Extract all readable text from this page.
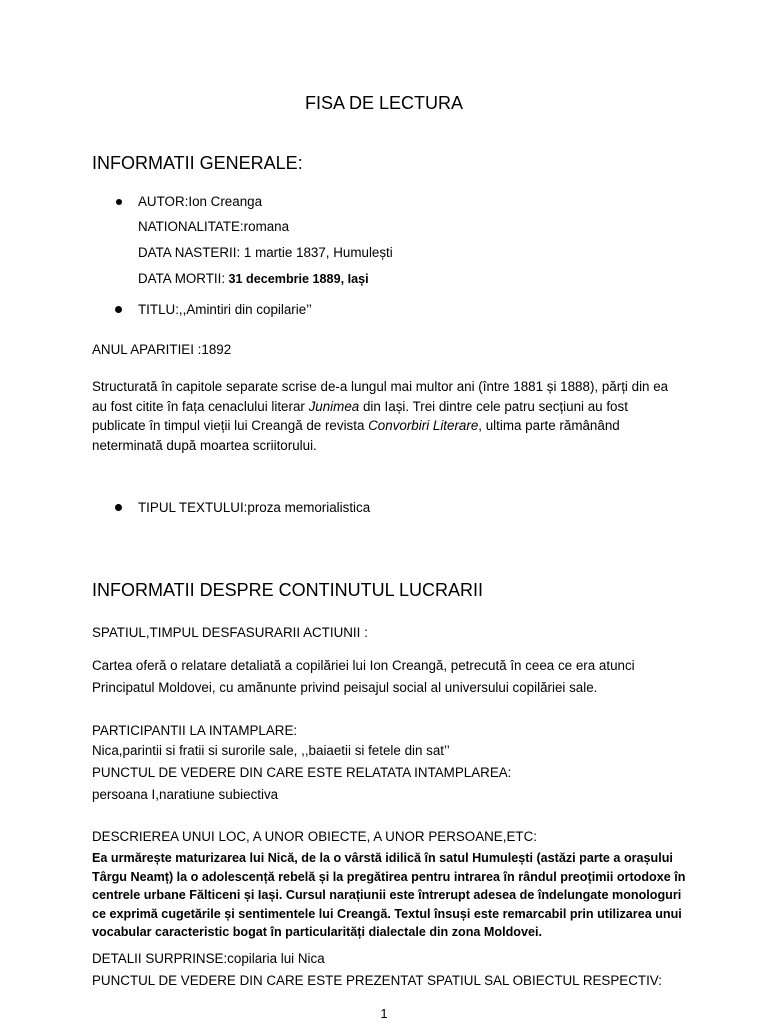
FISA DE LECTURA

INFORMATII GENERALE:

AUTOR:Ion Creanga

NATIONALITATE:romana

DATA NASTERII: 1 martie 1837, Humulești

DATA MORTII: 31 decembrie 1889, Iași

TITLU:,,Amintiri din copilarie’’

ANUL APARITIEI :1892

Structurată în capitole separate scrise de-a lungul mai multor ani (între 1881 și 1888), părți din ea au fost citite în fața cenaclului literar Junimea din Iași. Trei dintre cele patru secțiuni au fost publicate în timpul vieții lui Creangă de revista Convorbiri Literare, ultima parte rămânând neterminată după moartea scriitorului.

TIPUL TEXTULUI:proza memorialistica

INFORMATII DESPRE CONTINUTUL LUCRARII

SPATIUL,TIMPUL DESFASURARII ACTIUNII :

Cartea oferă o relatare detaliată a copilăriei lui Ion Creangă, petrecută în ceea ce era atunci Principatul Moldovei, cu amănunte privind peisajul social al universului copilăriei sale.

PARTICIPANTII LA INTAMPLARE:

Nica,parintii si fratii si surorile sale, ,,baiaetii si fetele din sat’’

PUNCTUL DE VEDERE DIN CARE ESTE RELATATA INTAMPLAREA:

persoana I,naratiune subiectiva

DESCRIEREA UNUI LOC, A UNOR OBIECTE, A UNOR PERSOANE,ETC:

Ea urmărește maturizarea lui Nică, de la o vârstă idilică în satul Humulești (astăzi parte a orașului Târgu Neamț) la o adolescență rebelă și la pregătirea pentru intrarea în rândul preoțimii ortodoxe în centrele urbane Fălticeni și Iași. Cursul narațiunii este întrerupt adesea de îndelungate monologuri ce exprimă cugetările și sentimentele lui Creangă. Textul însuși este remarcabil prin utilizarea unui vocabular caracteristic bogat în particularități dialectale din zona Moldovei.

DETALII SURPRINSE:copilaria lui Nica

PUNCTUL DE VEDERE DIN CARE ESTE PREZENTAT SPATIUL SAL OBIECTUL RESPECTIV:

1
